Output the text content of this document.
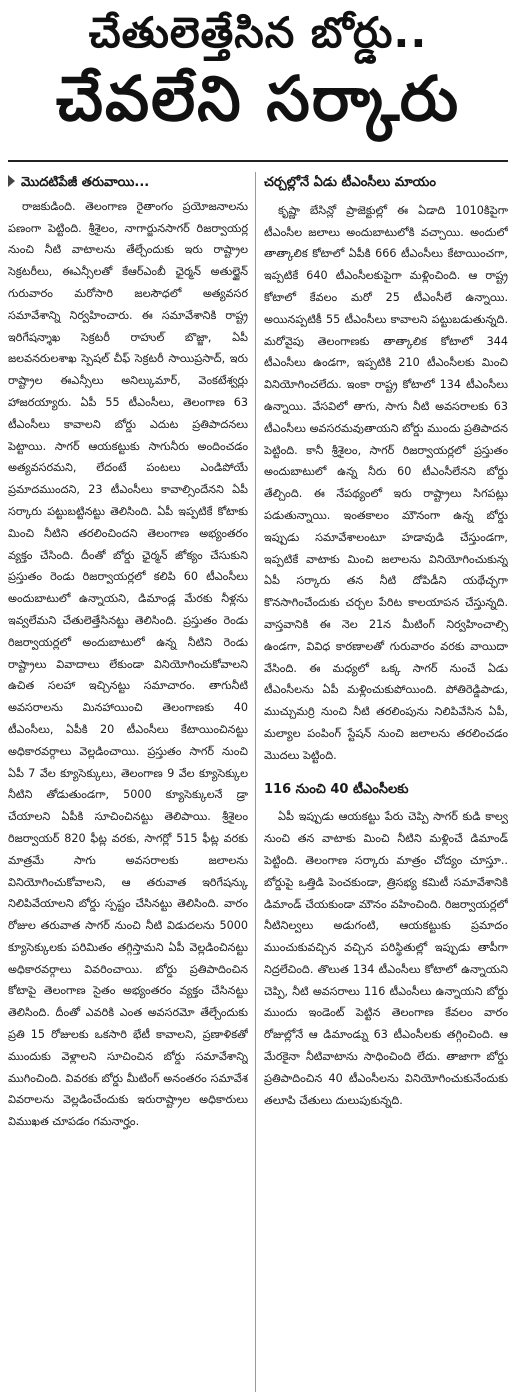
చేతులెత్తేసిన బోర్డు..
చేవలేని సర్కారు
మొదటిపేజీ తరువాయి...

రాజకుడింది. తెలంగాణ రైతాంగం ప్రయోజనాలను పణంగా పెట్టింది. శ్రీశైలం, నాగార్జునసాగర్ రిజర్వాయర్ల నుంచి నీటి వాటాలను తేల్చేందుకు ఇరు రాష్ట్రాల సెక్రటరీలు, ఈఎన్సీలతో కేఆర్ఎంబీ ఛైర్మన్ అతుల్జైన్ గురువారం మరోసారి జలసౌధలో అత్యవసర సమావేశాన్ని నిర్వహించారు. ఈ సమావేశానికి రాష్ట్ర ఇరిగేషన్శాఖ సెక్రటరీ రాహుల్ బొజ్జా, ఏపీ జలవనరులశాఖ స్పెషల్ చీఫ్ సెక్రటరీ సాయిప్రసాద్, ఇరు రాష్ట్రాల ఈఎన్సీలు అనిల్కుమార్, వెంకటేశ్వర్లు హాజరయ్యారు. ఏపీ 55 టీఎంసీలు, తెలంగాణ 63 టీఎంసీలు కావాలని బోర్డు ఎదుట ప్రతిపాదనలు పెట్టాయి. సాగర్ ఆయకట్టుకు సాగునీరు అందించడం అత్యవసరమని, లేదంటే పంటలు ఎండిపోయే ప్రమాదముందని, 23 టీఎంసీలు కావాల్సిందేనని ఏపీ సర్కారు పట్టుబట్టినట్టు తెలిసింది. ఏపీ ఇప్పటికే కోటాకు మించి నీటిని తరలించిందని తెలంగాణ అభ్యంతరం వ్యక్తం చేసింది. దీంతో బోర్డు ఛైర్మన్ జోక్యం చేసుకుని ప్రస్తుతం రెండు రిజర్వాయర్లలో కలిపి 60 టీఎంసీలు అందుబాటులో ఉన్నాయని, డిమాండ్ల మేరకు నీళ్లను ఇవ్వలేమని చేతులెత్తేసినట్టు తెలిసింది. ప్రస్తుతం రెండు రిజర్వాయర్లలో అందుబాటులో ఉన్న నీటిని రెండు రాష్ట్రాలు వివాదాలు లేకుండా వినియోగించుకోవాలని ఉచిత సలహా ఇచ్చినట్టు సమాచారం. తాగునీటి అవసరాలను మినహాయించి తెలంగాణకు 40 టీఎంసీలు, ఏపీకి 20 టీఎంసీలు కేటాయించినట్టు అధికారవర్గాలు వెల్లడించాయి. ప్రస్తుతం సాగర్ నుంచి ఏపీ 7 వేల క్యూసెక్కులు, తెలంగాణ 9 వేల క్యూసెక్కుల నీటిని తోడుతుండగా, 5000 క్యూసెక్కులనే డ్రా చేయాలని ఏపీకి సూచించినట్టు తెలిపాయి. శ్రీశైలం రిజర్వాయర్ 820 ఫీట్ల వరకు, సాగర్లో 515 ఫీట్ల వరకు మాత్రమే సాగు అవసరాలకు జలాలను వినియోగించుకోవాలని, ఆ తరువాత ఇరిగేషన్కు నిలిపివేయాలని బోర్డు స్పష్టం చేసినట్టు తెలిసింది. వారం రోజుల తరువాత సాగర్ నుంచి నీటి విడుదలను 5000 క్యూసెక్కులకు పరిమితం తగ్గిస్తామని ఏపీ వెల్లడించినట్టు అధికారవర్గాలు వివరించాయి. బోర్డు ప్రతిపాదించిన కోటాపై తెలంగాణ సైతం అభ్యంతరం వ్యక్తం చేసినట్టు తెలిసింది. దీంతో ఎవరికి ఎంత అవసరమో తేల్చేందుకు ప్రతి 15 రోజులకు ఒకసారి భేటీ కావాలని, ప్రణాళికతో ముందుకు వెళ్లాలని సూచించిన బోర్డు సమావేశాన్ని ముగించింది. వివరకు బోర్డు మీటింగ్ అనంతరం సమావేశ వివరాలను వెల్లడించేందుకు ఇరురాష్ట్రాల అధికారులు విముఖత చూపడం గమనార్హం.

చర్చల్లోనే ఏడు టీఎంసీలు మాయం

కృష్ణా బేసిన్లో ప్రాజెక్టుల్లో ఈ ఏడాది 1010కిపైగా టీఎంసీల జలాలు అందుబాటులోకి వచ్చాయి. అందులో తాత్కాలిక కోటాలో ఏపీకి 666 టీఎంసీలు కేటాయించగా, ఇప్పటికే 640 టీఎంసీలకుపైగా మళ్లించింది. ఆ రాష్ట్ర కోటాలో కేవలం మరో 25 టీఎంసీలే ఉన్నాయి. అయినప్పటికీ 55 టీఎంసీలు కావాలని పట్టుబడుతున్నది. మరోవైపు తెలంగాణకు తాత్కాలిక కోటాలో 344 టీఎంసీలు ఉండగా, ఇప్పటికి 210 టీఎంసీలకు మించి వినియోగించలేదు. ఇంకా రాష్ట్ర కోటాలో 134 టీఎంసీలు ఉన్నాయి. వేసవిలో తాగు, సాగు నీటి అవసరాలకు 63 టీఎంసీలు అవసరమవుతాయని బోర్డు ముందు ప్రతిపాదన పెట్టింది. కానీ శ్రీశైలం, సాగర్ రిజర్వాయర్లలో ప్రస్తుతం అందుబాటులో ఉన్న నీరు 60 టీఎంసీలేనని బోర్డు తేల్చింది. ఈ నేపథ్యంలో ఇరు రాష్ట్రాలు సిగపట్లు పడుతున్నాయి. ఇంతకాలం మౌనంగా ఉన్న బోర్డు ఇప్పుడు సమావేశాలంటూ హడావుడి చేస్తుండగా, ఇప్పటికే వాటాకు మించి జలాలను వినియోగించుకున్న ఏపీ సర్కారు తన నీటి దోపిడీని యథేచ్ఛగా కొనసాగించేందుకు చర్చల పేరిట కాలయాపన చేస్తున్నది. వాస్తవానికి ఈ నెల 21న మీటింగ్ నిర్వహించాల్సి ఉండగా, వివిధ కారణాలతో గురువారం వరకు వాయిదా వేసింది. ఈ మధ్యలో ఒక్క సాగర్ నుంచే ఏడు టీఎంసీలను ఏపీ మళ్లించుకుపోయింది. పోతిరెడ్డిపాడు, ముచ్చుమర్రి నుంచి నీటి తరలింపును నిలిపివేసిన ఏపీ, మల్యాల పంపింగ్ స్టేషన్ నుంచి జలాలను తరలించడం మొదలు పెట్టింది.

116 నుంచి 40 టీఎంసీలకు

ఏపీ ఇప్పుడు ఆయకట్టు పేరు చెప్పి సాగర్ కుడి కాల్వ నుంచి తన వాటాకు మించి నీటిని మళ్లించే డిమాండ్ పెట్టింది. తెలంగాణ సర్కారు మాత్రం చోద్యం చూస్తూ.. బోర్డుపై ఒత్తిడి పెంచకుండా, త్రిసభ్య కమిటీ సమావేశానికి డిమాండ్ చేయకుండా మౌనం వహించింది. రిజర్వాయర్లలో నీటినిల్వలు అడుగంటి, ఆయకట్టుకు ప్రమాదం ముంచుకువచ్చిన వచ్చిన పరిస్థితుల్లో ఇప్పుడు తాపీగా నిద్రలేచింది. తొలుత 134 టీఎంసీలు కోటాలో ఉన్నాయని చెప్పి, నీటి అవసరాలు 116 టీఎంసీలు ఉన్నాయని బోర్డు ముందు ఇండెంట్ పెట్టిన తెలంగాణ కేవలం వారం రోజుల్లోనే ఆ డిమాండ్ను 63 టీఎంసీలకు తగ్గించింది. ఆ మేరకైనా నీటివాటాను సాధించింది లేదు. తాజాగా బోర్డు ప్రతిపాదించిన 40 టీఎంసీలను వినియోగించుకునేందుకు తలూపి చేతులు దులుపుకున్నది.
